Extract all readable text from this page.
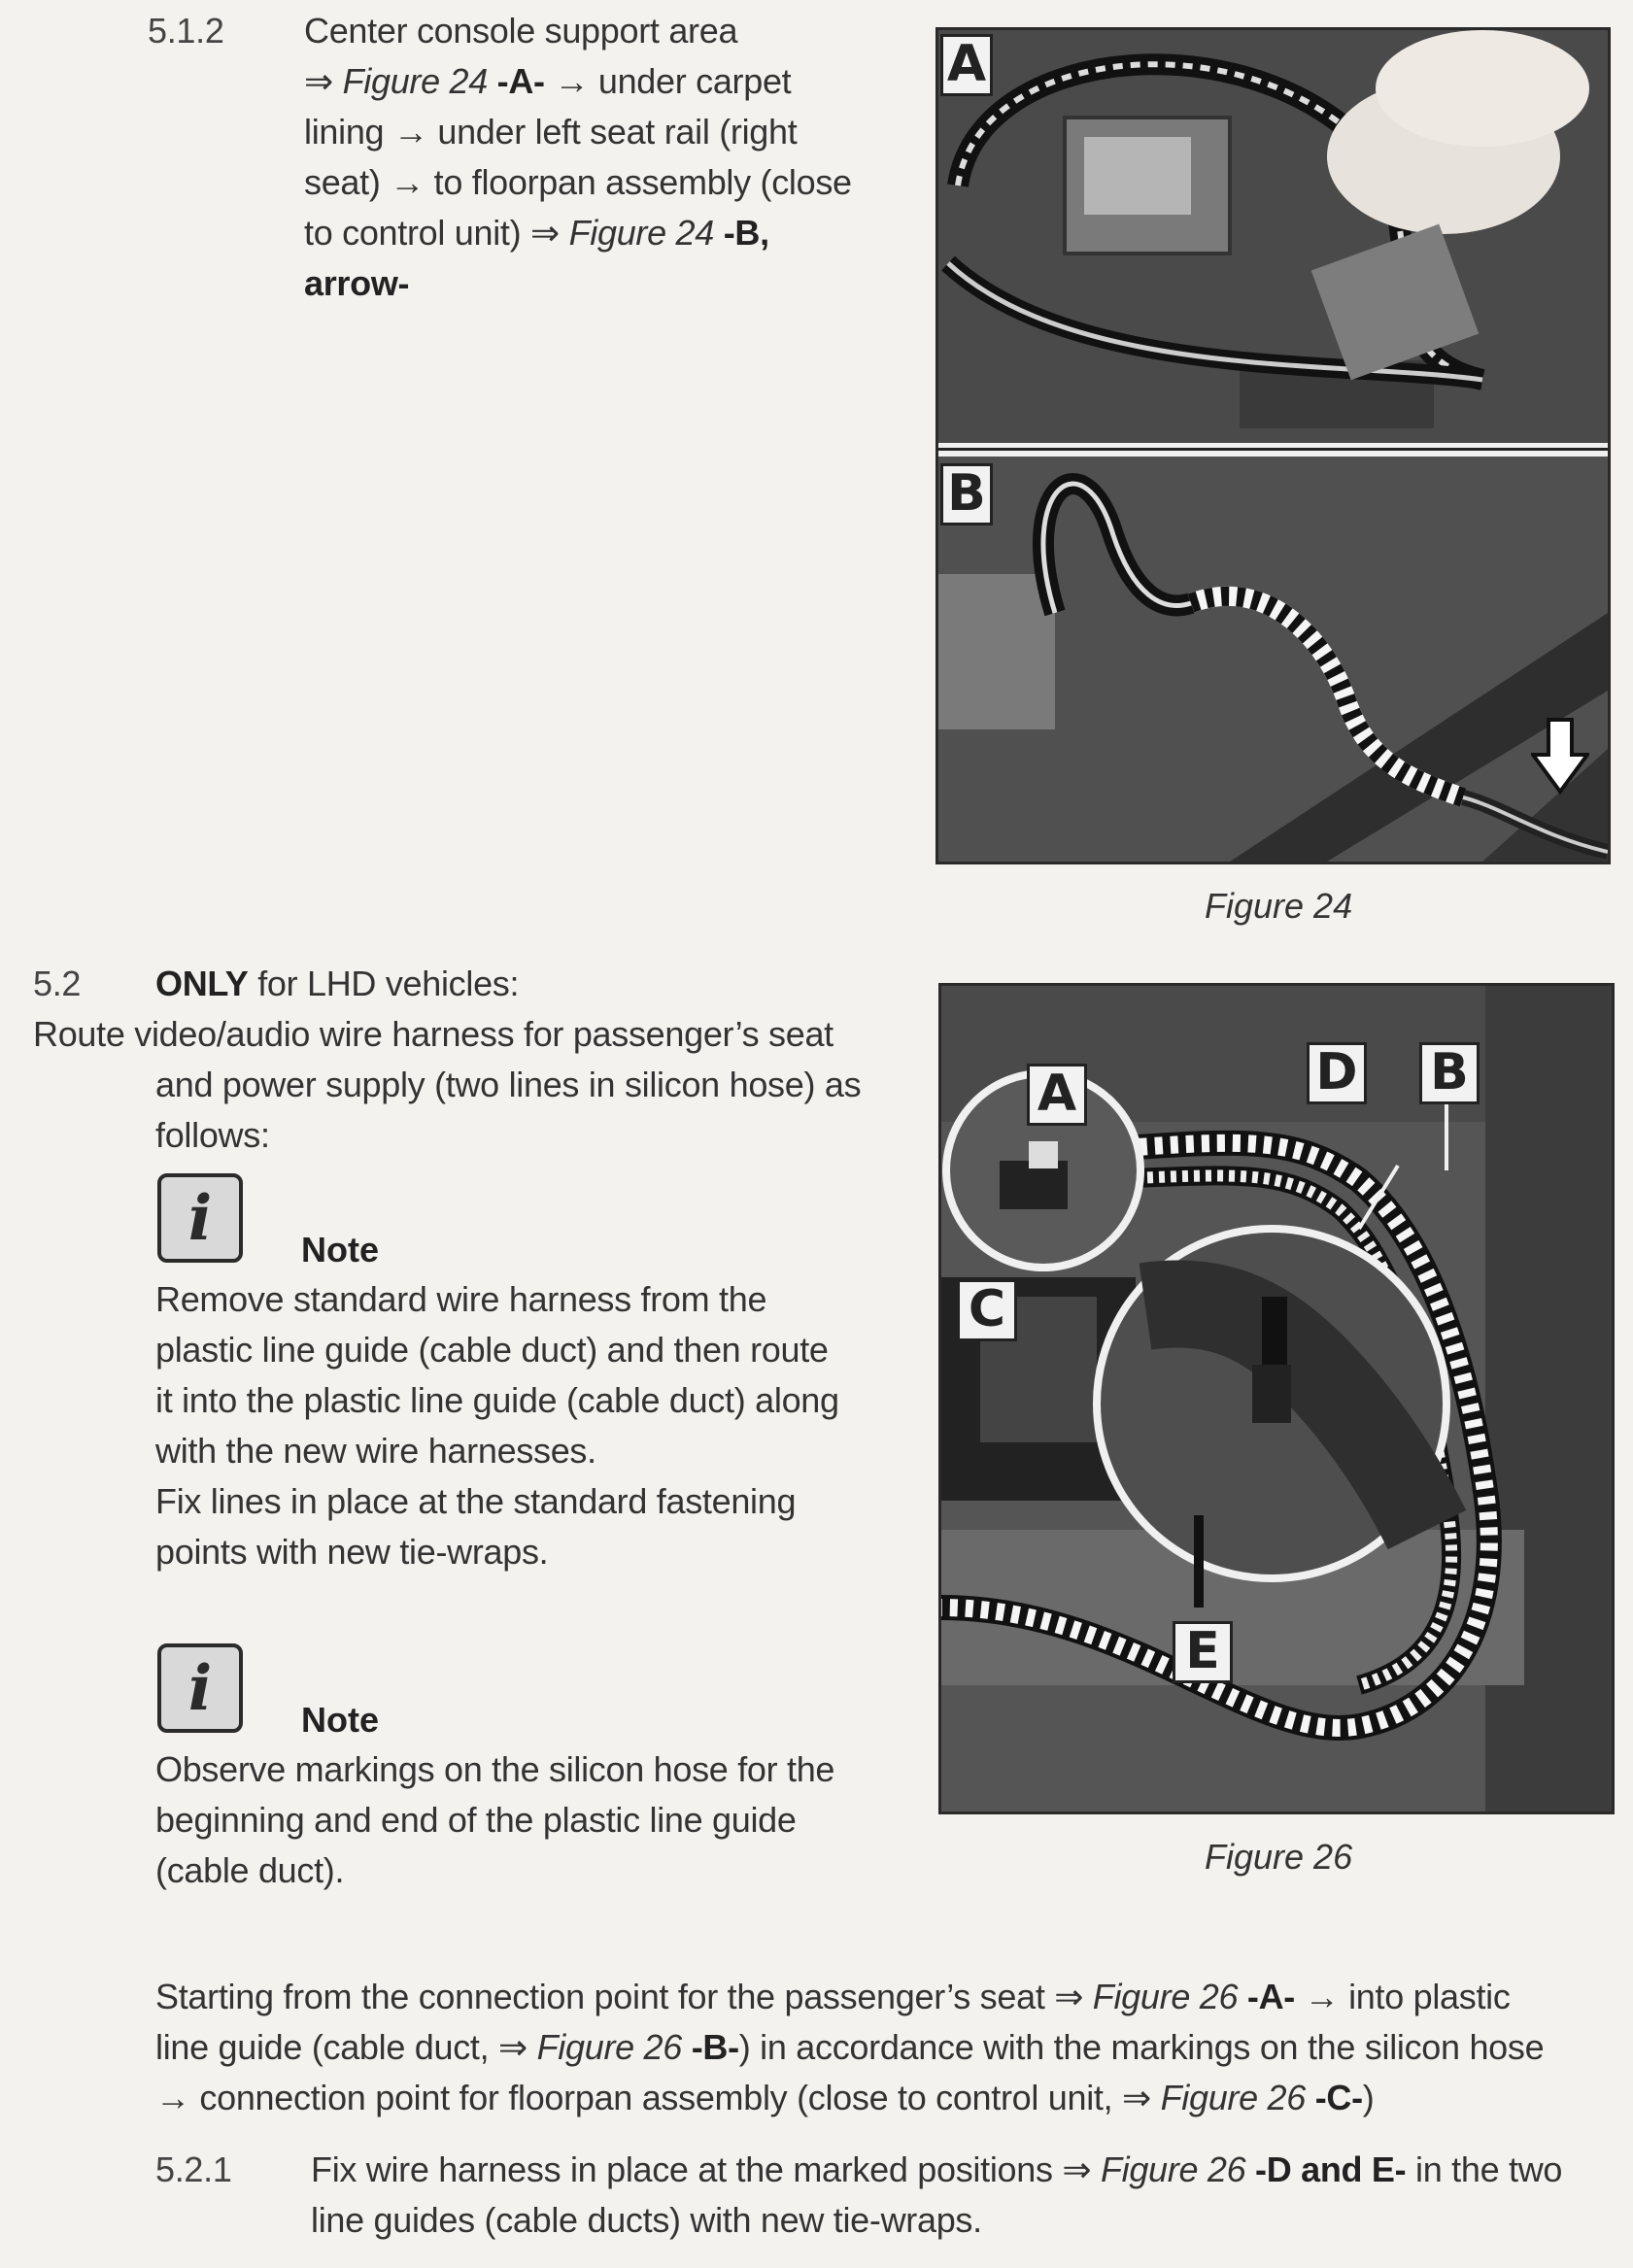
5.1.2 Center console support area
⇒ Figure 24 -A- → under carpet
lining → under left seat rail (right
seat) → to floorpan assembly (close
to control unit) ⇒ Figure 24 -B,
arrow-
A
B
Figure 24
5.2 ONLY for LHD vehicles:
Route video/audio wire harness for passenger’s seat
and power supply (two lines in silicon hose) as
follows:
i	Note
Remove standard wire harness from the
plastic line guide (cable duct) and then route
it into the plastic line guide (cable duct) along
with the new wire harnesses.
Fix lines in place at the standard fastening
points with new tie-wraps.
i	Note
Observe markings on the silicon hose for the
beginning and end of the plastic line guide
(cable duct).
A	B
C
D
E
Figure 26
Starting from the connection point for the passenger’s seat ⇒ Figure 26 -A- → into plastic
line guide (cable duct, ⇒ Figure 26 -B-) in accordance with the markings on the silicon hose
→ connection point for floorpan assembly (close to control unit, ⇒ Figure 26 -C-)
5.2.1 Fix wire harness in place at the marked positions ⇒ Figure 26 -D and E- in the two
line guides (cable ducts) with new tie-wraps.
